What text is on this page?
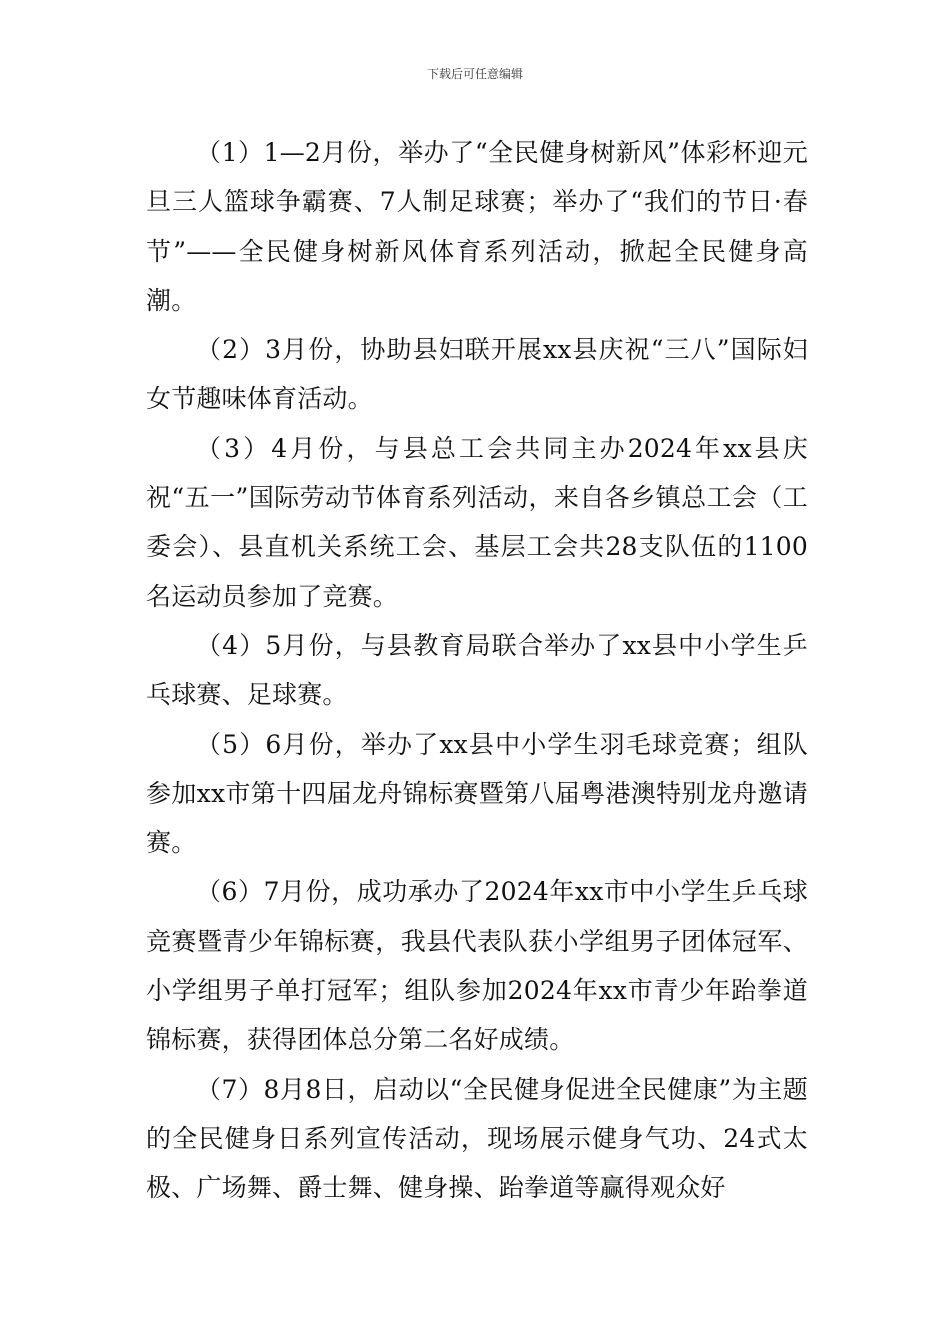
下载后可任意编辑

（1）1—2月份，举办了“全民健身树新风”体彩杯迎元旦三人篮球争霸赛、7人制足球赛；举办了“我们的节日·春节”——全民健身树新风体育系列活动，掀起全民健身高潮。

（2）3月份，协助县妇联开展xx县庆祝“三八”国际妇女节趣味体育活动。

（3）4月份，与县总工会共同主办2024年xx县庆祝“五一”国际劳动节体育系列活动，来自各乡镇总工会（工委会）、县直机关系统工会、基层工会共28支队伍的1100名运动员参加了竞赛。

（4）5月份，与县教育局联合举办了xx县中小学生乒乓球赛、足球赛。

（5）6月份，举办了xx县中小学生羽毛球竞赛；组队参加xx市第十四届龙舟锦标赛暨第八届粤港澳特别龙舟邀请赛。

（6）7月份，成功承办了2024年xx市中小学生乒乓球竞赛暨青少年锦标赛，我县代表队获小学组男子团体冠军、小学组男子单打冠军；组队参加2024年xx市青少年跆拳道锦标赛，获得团体总分第二名好成绩。

（7）8月8日，启动以“全民健身促进全民健康”为主题的全民健身日系列宣传活动，现场展示健身气功、24式太极、广场舞、爵士舞、健身操、跆拳道等赢得观众好
